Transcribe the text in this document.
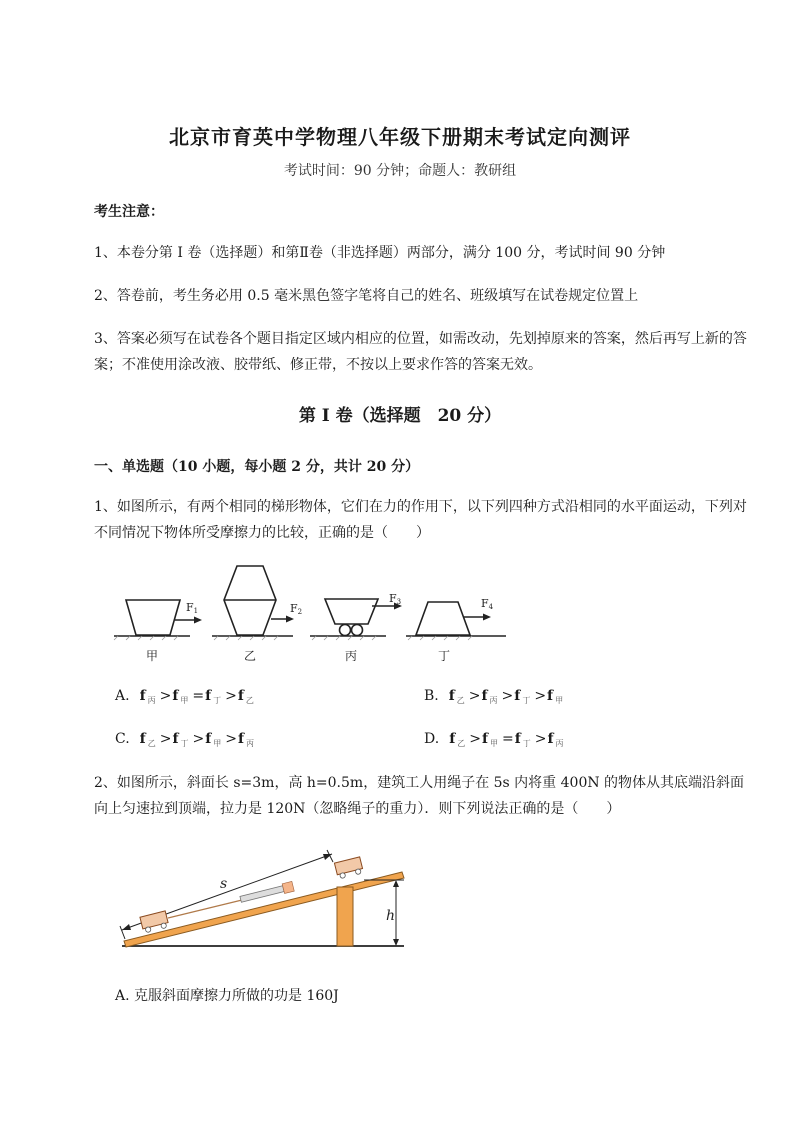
北京市育英中学物理八年级下册期末考试定向测评
考试时间：90 分钟；命题人：教研组
考生注意：
1、本卷分第 I 卷（选择题）和第Ⅱ卷（非选择题）两部分，满分 100 分，考试时间 90 分钟
2、答卷前，考生务必用 0.5 毫米黑色签字笔将自己的姓名、班级填写在试卷规定位置上
3、答案必须写在试卷各个题目指定区域内相应的位置，如需改动，先划掉原来的答案，然后再写上新的答案；不准使用涂改液、胶带纸、修正带，不按以上要求作答的答案无效。
第 I 卷（选择题　20 分）
一、单选题（10 小题，每小题 2 分，共计 20 分）
1、如图所示，有两个相同的梯形物体，它们在力的作用下，以下列四种方式沿相同的水平面运动，下列对不同情况下物体所受摩擦力的比较，正确的是（　　）
F1	F2
F3	F4
甲	乙	丙	丁
A. f $_丙$ >f $_甲$ =f $_丁$ >f $_乙$	B. f $_乙$ >f $_丙$ >f $_丁$ >f $_甲$
C. f $_乙$ >f $_丁$ >f $_甲$ >f $_丙$	D. f $_乙$ >f $_甲$ =f $_丁$ >f $_丙$
2、如图所示，斜面长 s=3m，高 h=0.5m，建筑工人用绳子在 5s 内将重 400N 的物体从其底端沿斜面向上匀速拉到顶端，拉力是 120N（忽略绳子的重力）．则下列说法正确的是（　　）
h
s
A. 克服斜面摩擦力所做的功是 160J
